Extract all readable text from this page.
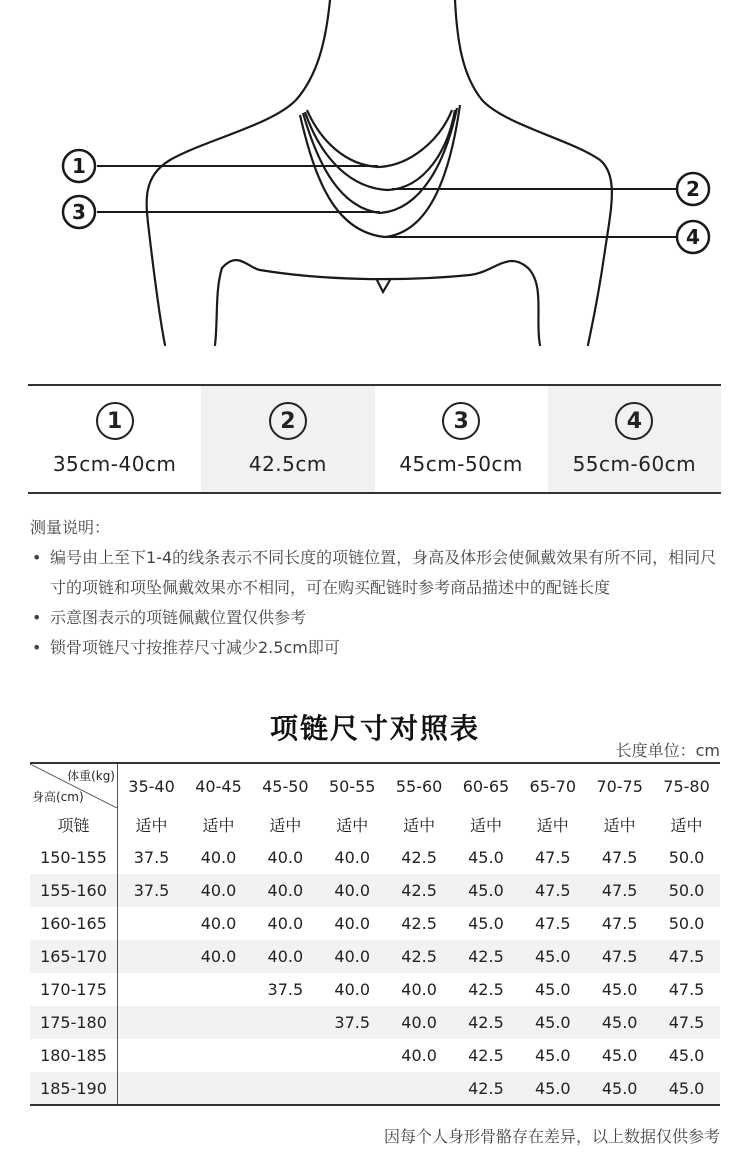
1
2
3
4
1
35cm-40cm
2
42.5cm
3
45cm-50cm
4
55cm-60cm
测量说明：
• 编号由上至下1-4的线条表示不同长度的项链位置，身高及体形会使佩戴效果有所不同，相同尺寸的项链和项坠佩戴效果亦不相同，可在购买配链时参考商品描述中的配链长度
• 示意图表示的项链佩戴位置仅供参考
• 锁骨项链尺寸按推荐尺寸减少2.5cm即可
项链尺寸对照表
长度单位：cm
体重(kg)
身高(cm)	35-40	40-45	45-50	50-55	55-60	60-65	65-70	70-75	75-80
项链	适中	适中	适中	适中	适中	适中	适中	适中	适中
150-155	37.5	40.0	40.0	40.0	42.5	45.0	47.5	47.5	50.0
155-160	37.5	40.0	40.0	40.0	42.5	45.0	47.5	47.5	50.0
160-165		40.0	40.0	40.0	42.5	45.0	47.5	47.5	50.0
165-170		40.0	40.0	40.0	42.5	42.5	45.0	47.5	47.5
170-175			37.5	40.0	40.0	42.5	45.0	45.0	47.5
175-180				37.5	40.0	42.5	45.0	45.0	47.5
180-185					40.0	42.5	45.0	45.0	45.0
185-190						42.5	45.0	45.0	45.0
因每个人身形骨骼存在差异，以上数据仅供参考
